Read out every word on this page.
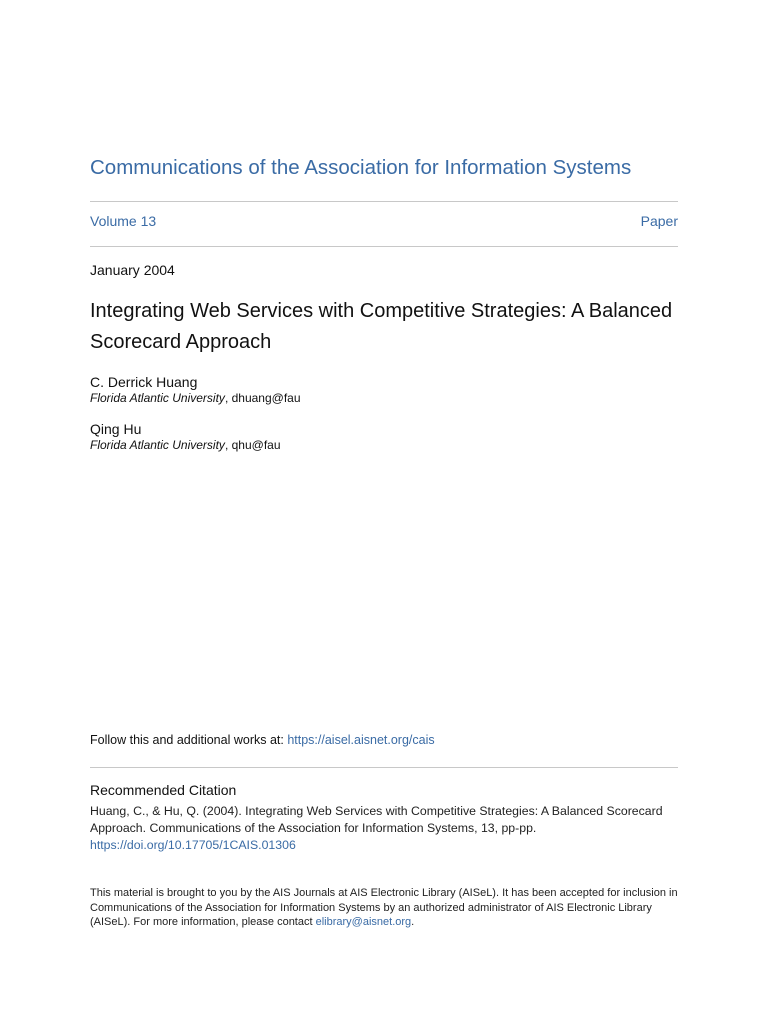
Communications of the Association for Information Systems
Volume 13	Paper
January 2004
Integrating Web Services with Competitive Strategies: A Balanced Scorecard Approach
C. Derrick Huang
Florida Atlantic University, dhuang@fau
Qing Hu
Florida Atlantic University, qhu@fau
Follow this and additional works at: https://aisel.aisnet.org/cais
Recommended Citation
Huang, C., & Hu, Q. (2004). Integrating Web Services with Competitive Strategies: A Balanced Scorecard Approach. Communications of the Association for Information Systems, 13, pp-pp. https://doi.org/10.17705/1CAIS.01306
This material is brought to you by the AIS Journals at AIS Electronic Library (AISeL). It has been accepted for inclusion in Communications of the Association for Information Systems by an authorized administrator of AIS Electronic Library (AISeL). For more information, please contact elibrary@aisnet.org.
